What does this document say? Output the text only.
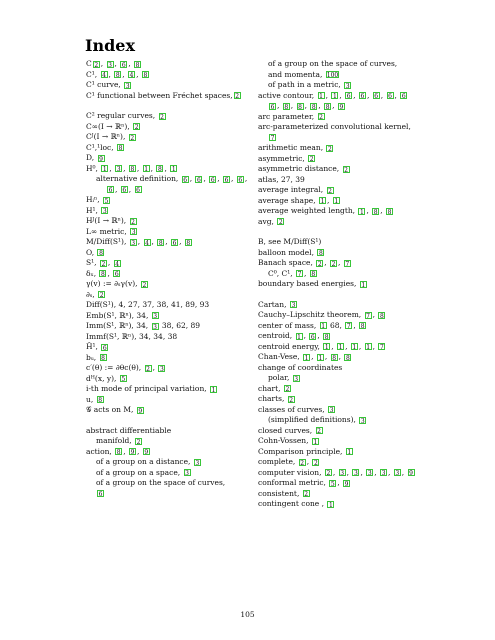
Index
C 2 , 3 , 6 , 8
C¹, 4 , 8 , 4 , 8
C¹ curve, 3
C¹ functional between Fréchet spaces, 2
C² regular curves, 2
C∞(I → ℝⁿ), 2
Cᴶ(I → ℝⁿ), 2
C¹,¹loc, 8
D, 9
H⁰, 1 , 3 , 8 , 1 , 8 , 1
alternative definition, 6 , 6 , 6 , 6 , 6 , 6 , 6 , 6
Hᵢⁿ, 5
H¹, 3
Hᴶ(I → ℝⁿ), 2
L∞ metric, 3
M/Diff(S¹), 3 , 4 , 8 , 6 , 8
O, 8
S¹, 2 , 4
δₓ, 8 , 6
γ(v) := ∂ₛγ(v), 2
∂ₛ, 2
Diff(S¹), 4, 27, 37, 38, 41, 89, 93
Emb(S¹, ℝⁿ), 34, 3
Imm(S¹, ℝⁿ), 34, 3 38, 62, 89
Immf(S¹, ℝⁿ), 34, 34, 38
Ĥ¹, 6
bᵤ, 8
c′(θ) := ∂θc(θ), 2 , 3
dᴴ(x, y), 5
i-th mode of principal variation, 1
u, 8
𝒢 acts on M, 9
abstract differentiable
manifold, 2
action, 8 , 9 , 9
of a group on a distance, 3
of a group on a space, 3
of a group on the space of curves,
6
of a group on the space of curves,
and momenta, 100
of path in a metric, 3
active contour, 1 , 1 , 6 , 6 , 6 , 6 , 6
6 , 8 , 8 , 8 , 8 , 9
arc parameter, 2
arc-parameterized convolutional kernel,
7
arithmetic mean, 2
asymmetric, 2
asymmetric distance, 2
atlas, 27, 39
average integral, 2
average shape, 1 , 1
average weighted length, 1 , 8 , 8
avg, 2
B, see M/Diff(S¹)
balloon model, 8
Banach space, 2 , 2 , 7
C⁰, C¹, 7 , 8
boundary based energies, 1
Cartan, 3
Cauchy–Lipschitz theorem, 7 , 8
center of mass, 1 68, 7 , 8
centroid, 1 , 6 , 8
centroid energy, 1 , 1 , 1 , 1 , 7
Chan-Vese, 1 , 1 , 8 , 8
change of coordinates
polar, 3
chart, 2
charts, 2
classes of curves, 3
(simplified definitions), 3
closed curves, 2
Cohn-Vossen, 1
Comparison principle, 1
complete, 2 , 2
computer vision, 2 , 3 , 3 , 3 , 3 , 3 , 9
conformal metric, 5 , 9
consistent, 2
contingent cone , 1
105
